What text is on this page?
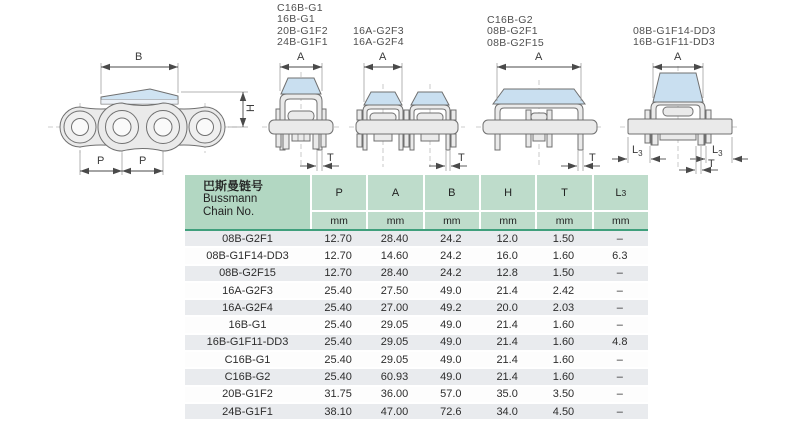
C16B-G1
16B-G1
20B-G1F2
24B-G1F1
16A-G2F3
16A-G2F4
C16B-G2
08B-G2F1
08B-G2F15
08B-G1F14-DD3
16B-G1F11-DD3
B
H
P	P
A	A	A	A
T	T	T	T
$L_3$	$L_3$
巴斯曼链号
Bussmann
Chain No.
P
mm
A
mm
B
mm
H
mm
T
mm
L 3
mm
08B-G2F1	12.70	28.40	24.2	12.0	1.50	–
08B-G1F14-DD3	12.70	14.60	24.2	16.0	1.60	6.3
08B-G2F15	12.70	28.40	24.2	12.8	1.50	–
16A-G2F3	25.40	27.50	49.0	21.4	2.42	–
16A-G2F4	25.40	27.00	49.2	20.0	2.03	–
16B-G1	25.40	29.05	49.0	21.4	1.60	–
16B-G1F11-DD3	25.40	29.05	49.0	21.4	1.60	4.8
C16B-G1	25.40	29.05	49.0	21.4	1.60	–
C16B-G2	25.40	60.93	49.0	21.4	1.60	–
20B-G1F2	31.75	36.00	57.0	35.0	3.50	–
24B-G1F1	38.10	47.00	72.6	34.0	4.50	–
